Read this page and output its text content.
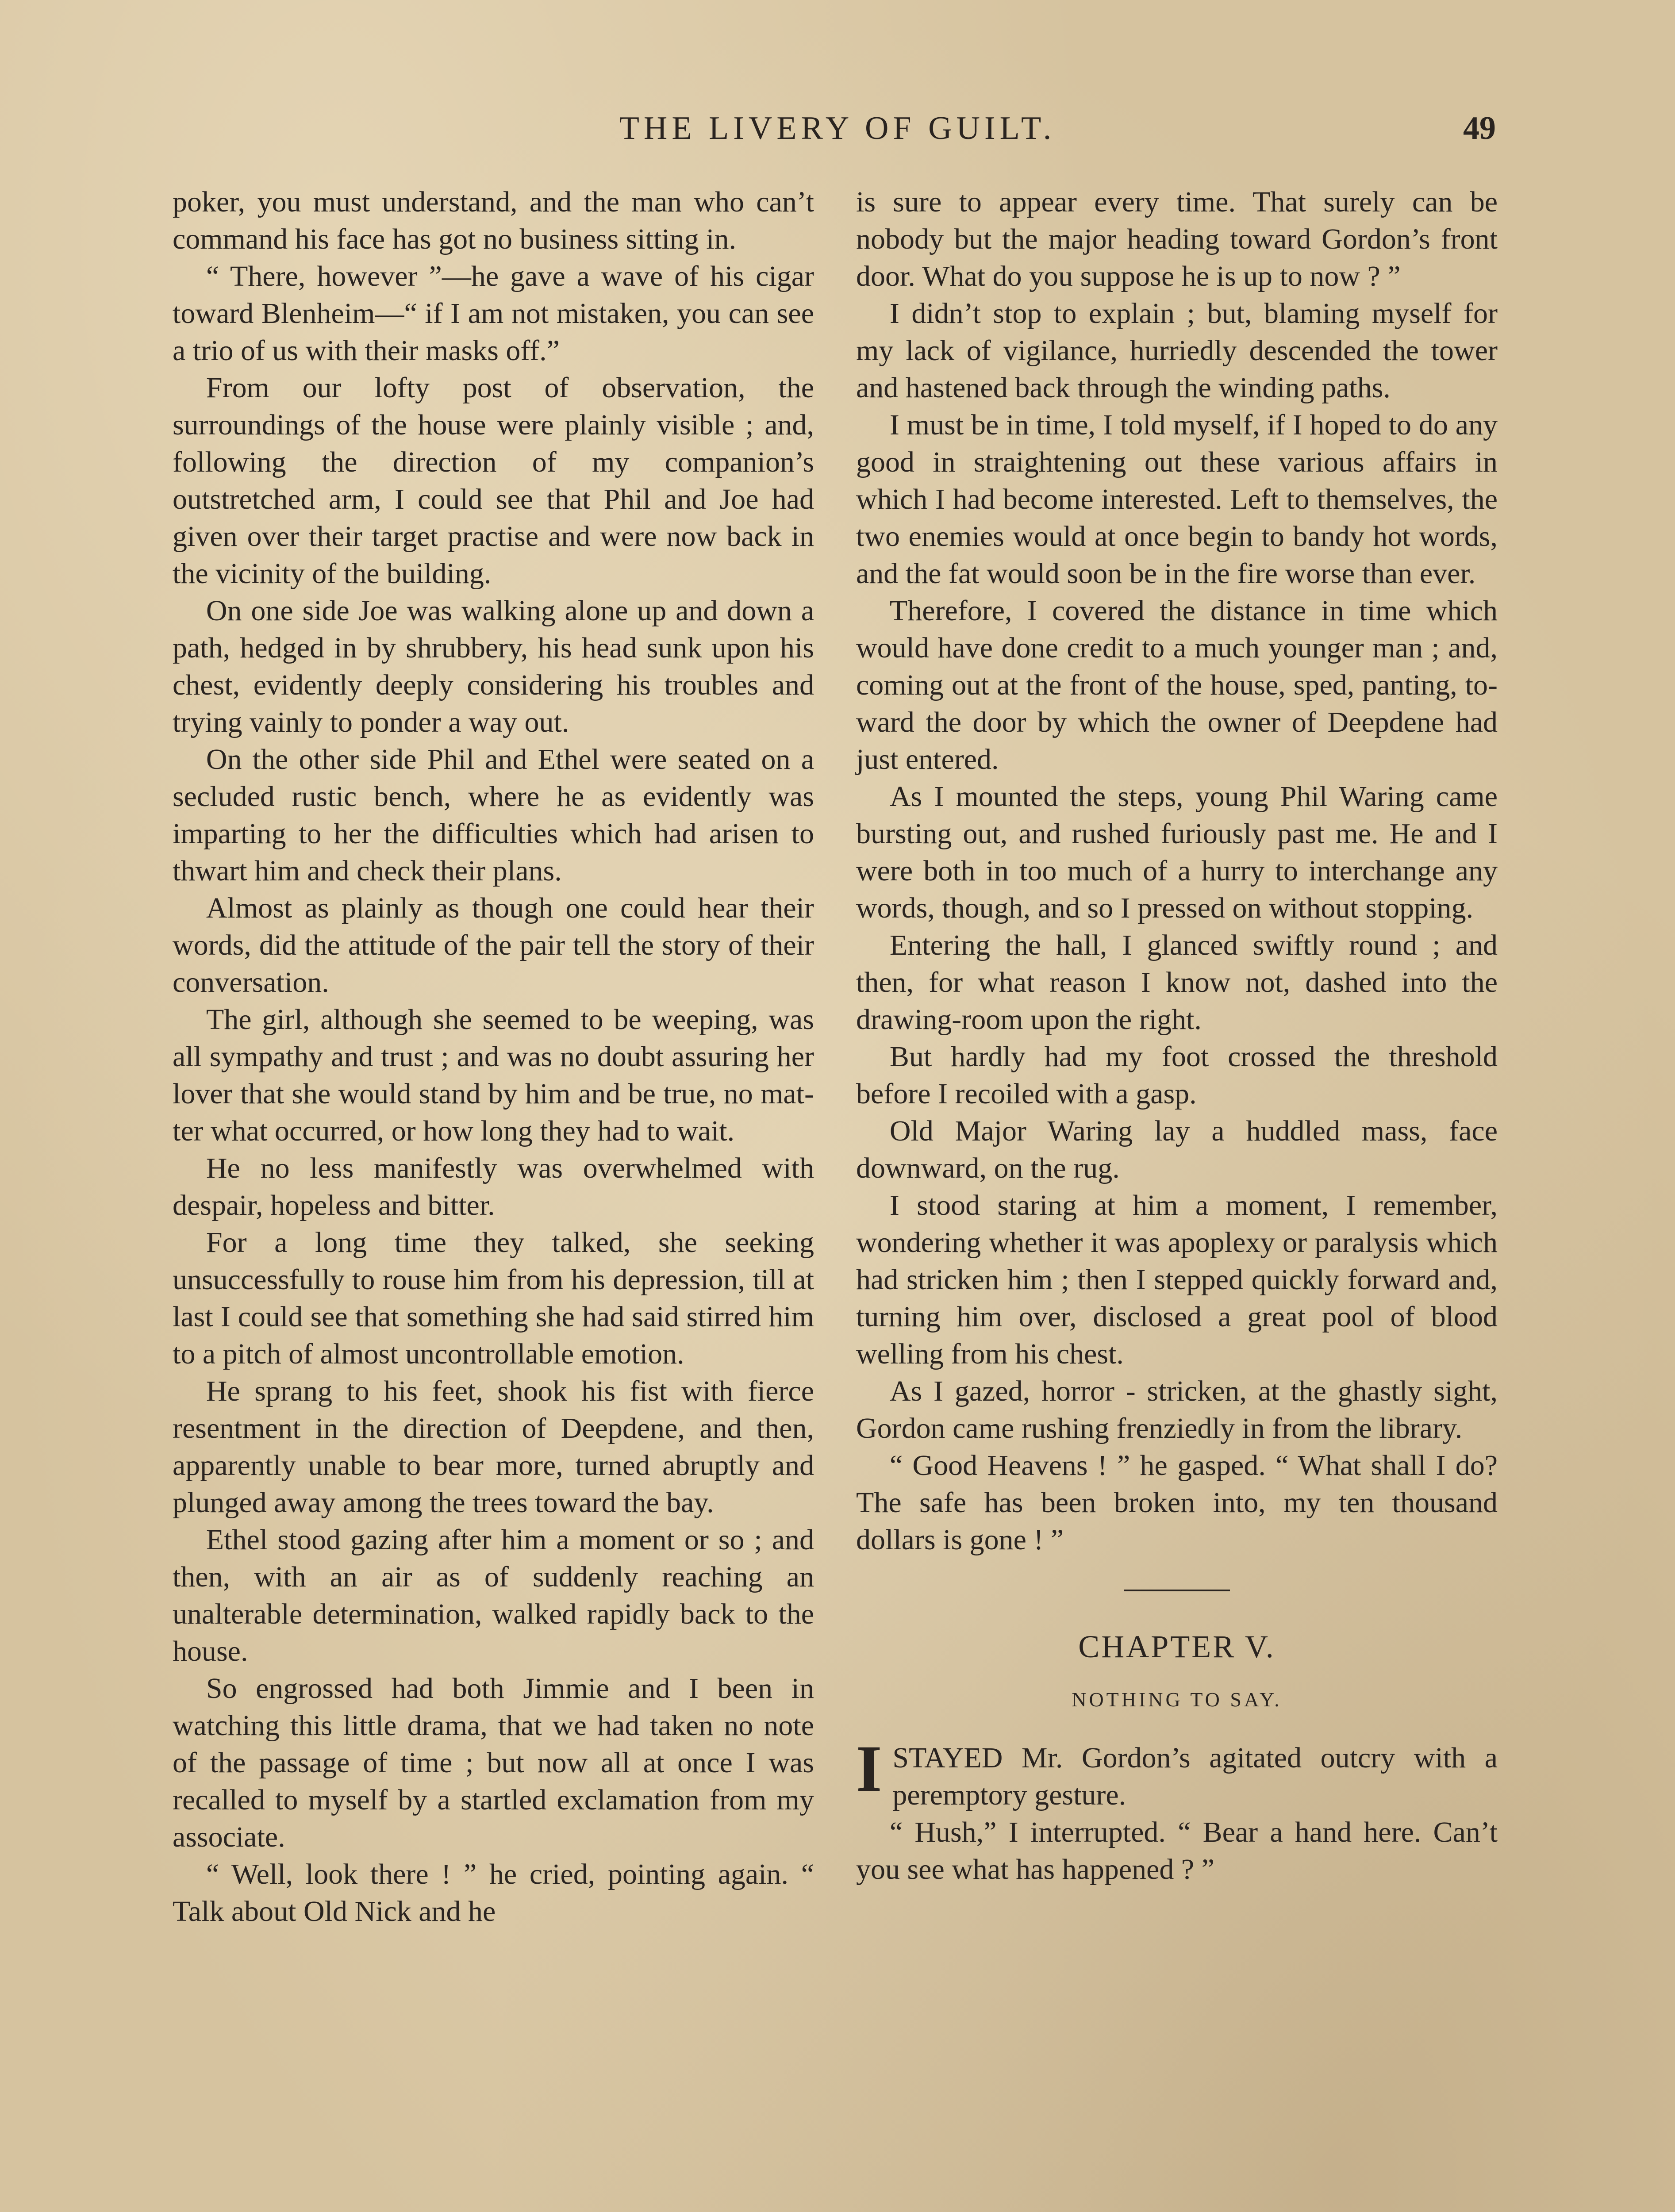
THE LIVERY OF GUILT.	49

poker, you must understand, and the man who can’t command his face has got no business sitting in.

“ There, however ”—he gave a wave of his cigar toward Blenheim—“ if I am not mistaken, you can see a trio of us with their masks off.”

From our lofty post of observation, the surroundings of the house were plainly visible ; and, following the direction of my companion’s outstretched arm, I could see that Phil and Joe had given over their target practise and were now back in the vicinity of the building.

On one side Joe was walking alone up and down a path, hedged in by shrubbery, his head sunk upon his chest, evidently deeply considering his troubles and trying vainly to ponder a way out.

On the other side Phil and Ethel were seated on a secluded rustic bench, where he as evidently was imparting to her the difficulties which had arisen to thwart him and check their plans.

Almost as plainly as though one could hear their words, did the attitude of the pair tell the story of their conversation.

The girl, although she seemed to be weeping, was all sympathy and trust ; and was no doubt assuring her lover that she would stand by him and be true, no matter what occurred, or how long they had to wait.

He no less manifestly was overwhelmed with despair, hopeless and bitter.

For a long time they talked, she seeking unsuccessfully to rouse him from his depression, till at last I could see that something she had said stirred him to a pitch of almost uncontrollable emotion.

He sprang to his feet, shook his fist with fierce resentment in the direction of Deepdene, and then, apparently unable to bear more, turned abruptly and plunged away among the trees toward the bay.

Ethel stood gazing after him a moment or so ; and then, with an air as of suddenly reaching an unalterable determination, walked rapidly back to the house.

So engrossed had both Jimmie and I been in watching this little drama, that we had taken no note of the passage of time ; but now all at once I was recalled to myself by a startled exclamation from my associate.

“ Well, look there ! ” he cried, pointing again. “ Talk about Old Nick and he

is sure to appear every time. That surely can be nobody but the major heading toward Gordon’s front door. What do you suppose he is up to now ? ”

I didn’t stop to explain ; but, blaming myself for my lack of vigilance, hurriedly descended the tower and hastened back through the winding paths.

I must be in time, I told myself, if I hoped to do any good in straightening out these various affairs in which I had become interested. Left to themselves, the two enemies would at once begin to bandy hot words, and the fat would soon be in the fire worse than ever.

Therefore, I covered the distance in time which would have done credit to a much younger man ; and, coming out at the front of the house, sped, panting, toward the door by which the owner of Deepdene had just entered.

As I mounted the steps, young Phil Waring came bursting out, and rushed furiously past me. He and I were both in too much of a hurry to interchange any words, though, and so I pressed on without stopping.

Entering the hall, I glanced swiftly round ; and then, for what reason I know not, dashed into the drawing-room upon the right.

But hardly had my foot crossed the threshold before I recoiled with a gasp.

Old Major Waring lay a huddled mass, face downward, on the rug.

I stood staring at him a moment, I remember, wondering whether it was apoplexy or paralysis which had stricken him ; then I stepped quickly forward and, turning him over, disclosed a great pool of blood welling from his chest.

As I gazed, horror - stricken, at the ghastly sight, Gordon came rushing frenziedly in from the library.

“ Good Heavens ! ” he gasped. “ What shall I do? The safe has been broken into, my ten thousand dollars is gone ! ”

CHAPTER V.
NOTHING TO SAY.

ISTAYED Mr. Gordon’s agitated outcry with a peremptory gesture.

“ Hush,” I interrupted. “ Bear a hand here. Can’t you see what has happened ? ”
